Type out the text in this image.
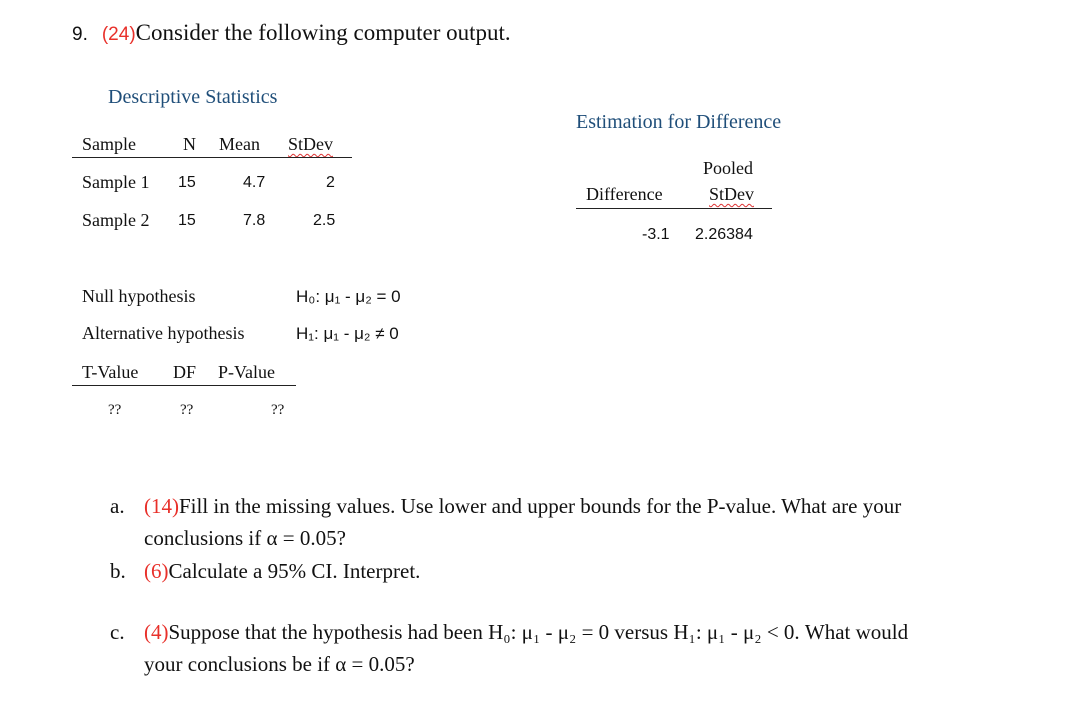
9. (24)Consider the following computer output.
Descriptive Statistics
Sample	N Mean StDev
Sample 1 15	4.7	2
Sample 2 15	7.8	2.5
Estimation for Difference
Pooled
Difference	StDev
-3.1 2.26384
Null hypothesis	H₀: μ₁ - μ₂ = 0
Alternative hypothesis	H₁: μ₁ - μ₂ ≠ 0
T-Value DF P-Value
??	??	??
a. (14)Fill in the missing values. Use lower and upper bounds for the P-value. What are your
conclusions if α = 0.05?
b. (6)Calculate a 95% CI. Interpret.
c. (4)Suppose that the hypothesis had been H₀: μ₁ - μ₂ = 0 versus H₁: μ₁ - μ₂ < 0. What would
your conclusions be if α = 0.05?
